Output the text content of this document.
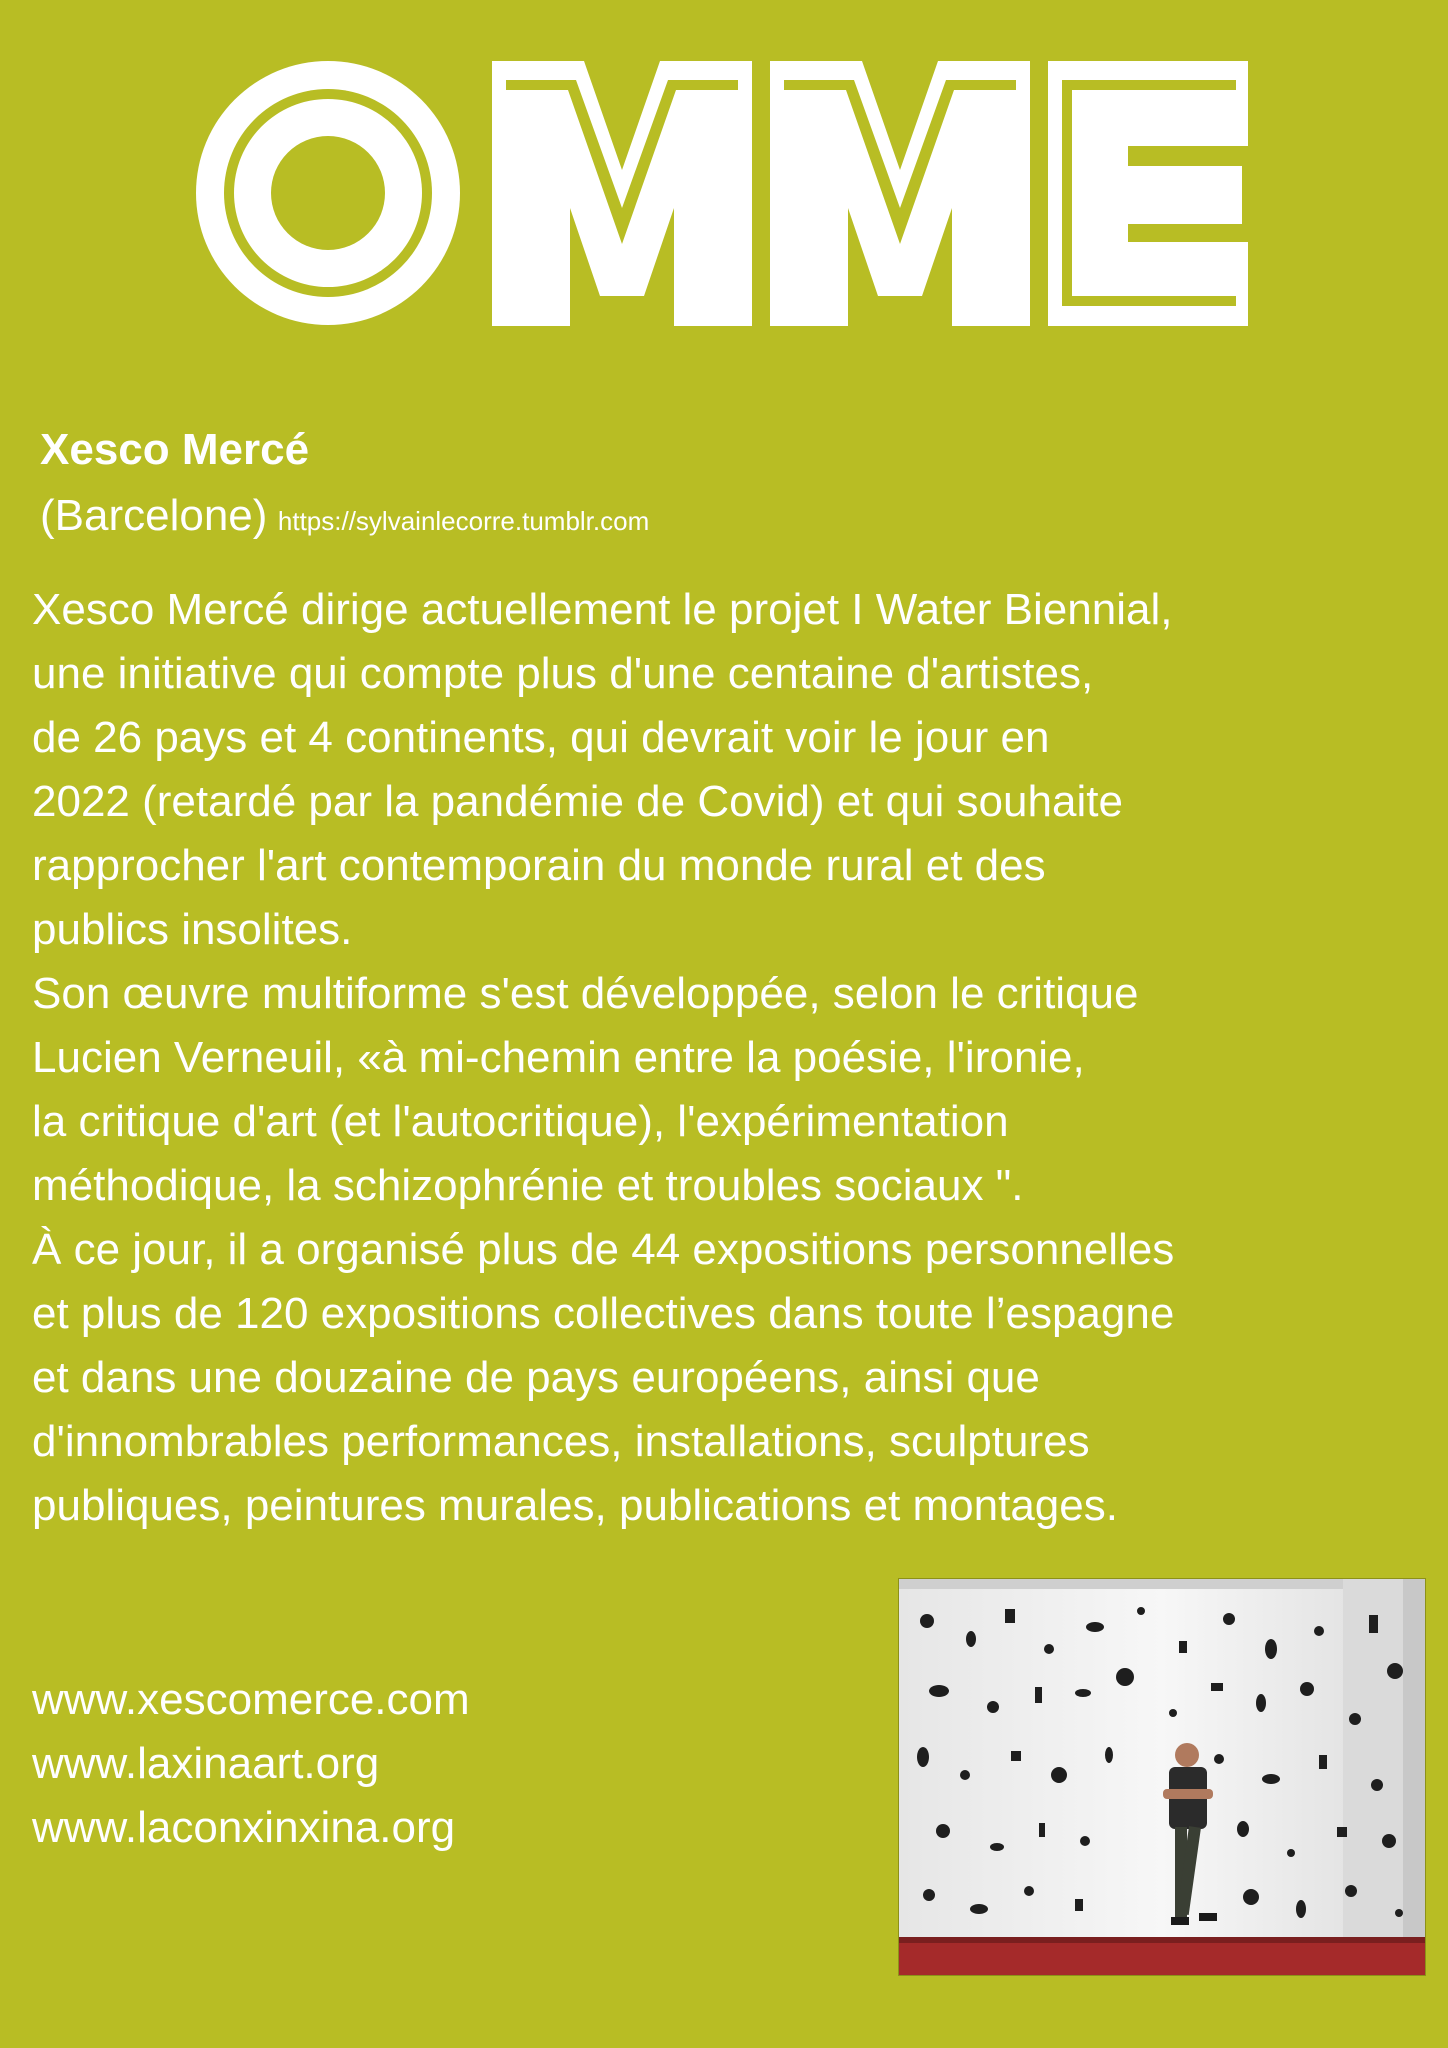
Xesco Mercé
(Barcelone) https://sylvainlecorre.tumblr.com
Xesco Mercé dirige actuellement le projet I Water Biennial,
une initiative qui compte plus d'une centaine d'artistes,
de 26 pays et 4 continents, qui devrait voir le jour en
2022 (retardé par la pandémie de Covid) et qui souhaite
rapprocher l'art contemporain du monde rural et des
publics insolites.
Son œuvre multiforme s'est développée, selon le critique
Lucien Verneuil, «à mi-chemin entre la poésie, l'ironie,
la critique d'art (et l'autocritique), l'expérimentation
méthodique, la schizophrénie et troubles sociaux ".
À ce jour, il a organisé plus de 44 expositions personnelles
et plus de 120 expositions collectives dans toute l’espagne
et dans une douzaine de pays européens, ainsi que
d'innombrables performances, installations, sculptures
publiques, peintures murales, publications et montages.
www.xescomerce.com
www.laxinaart.org
www.laconxinxina.org
